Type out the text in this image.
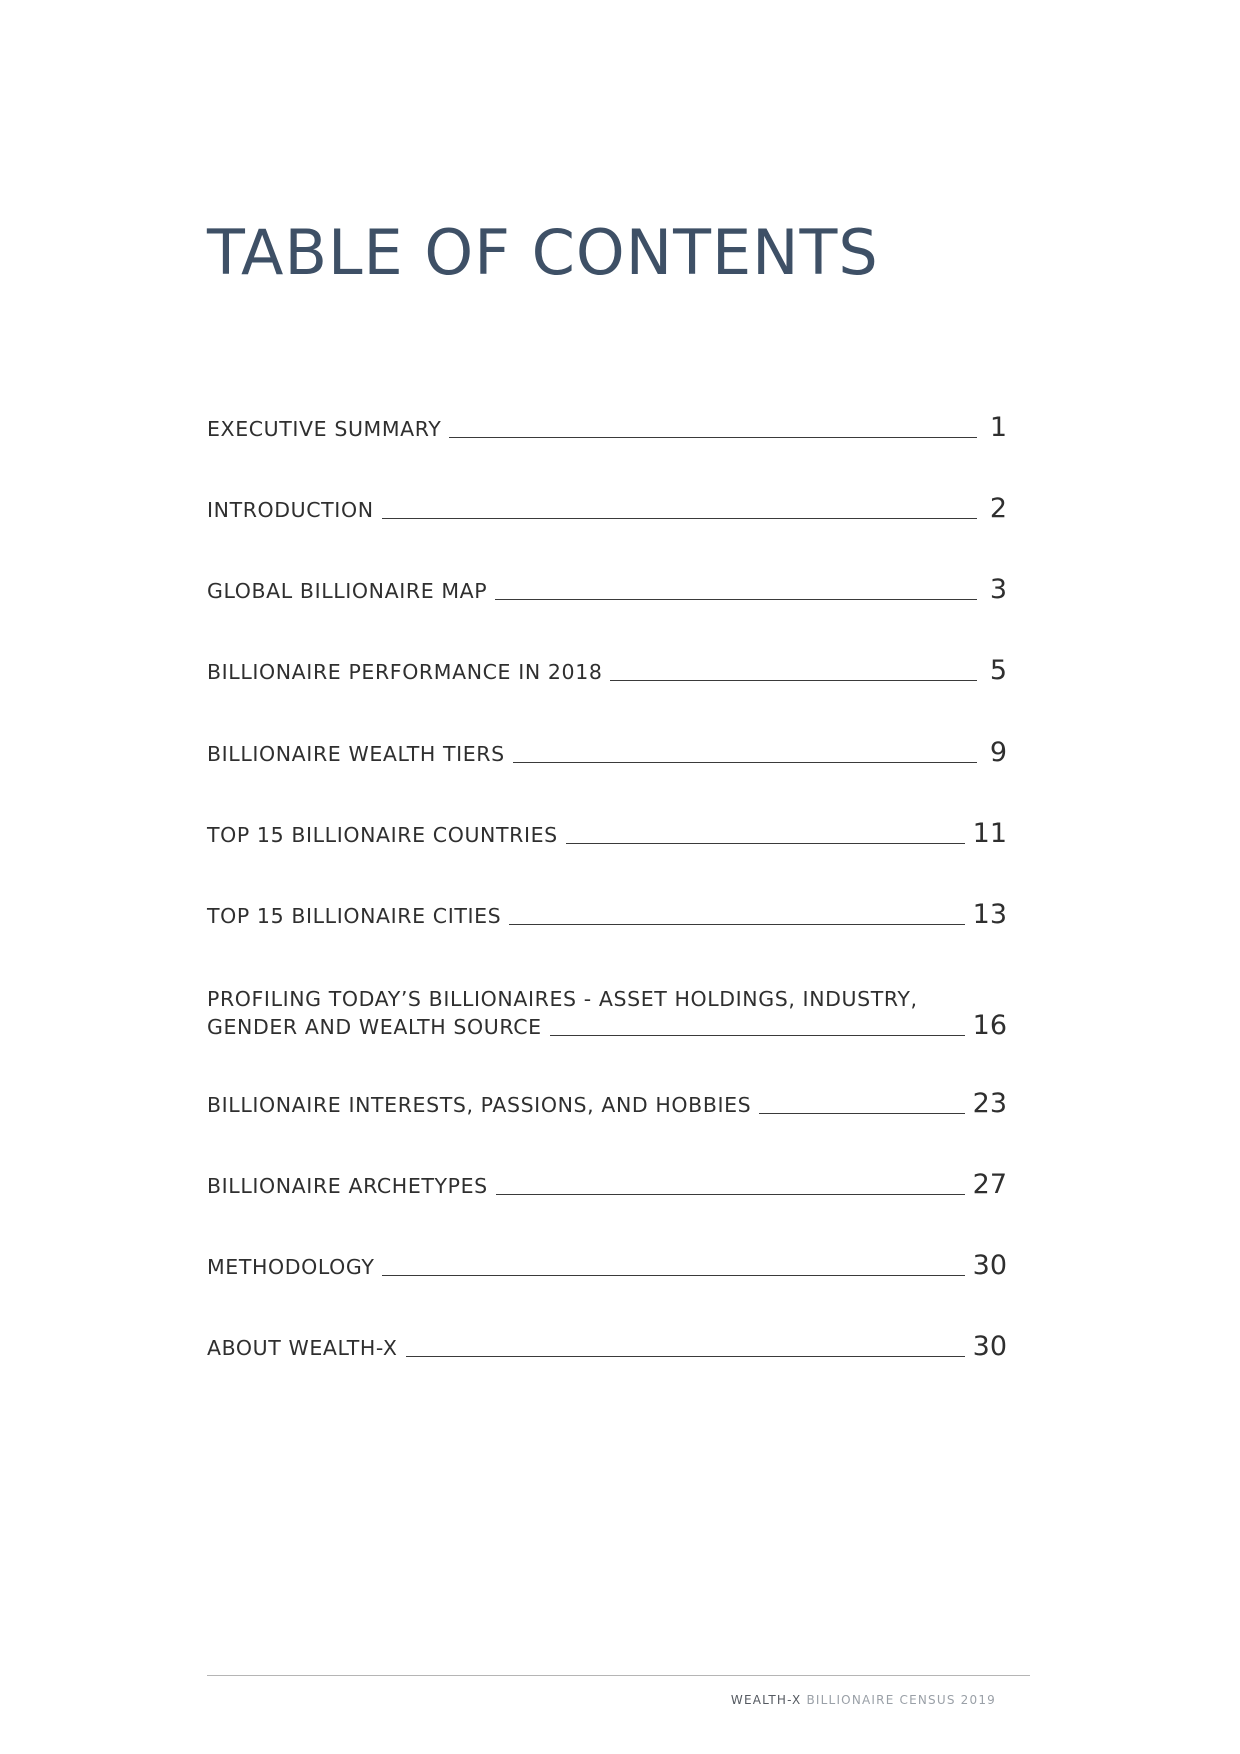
TABLE OF CONTENTS
EXECUTIVE SUMMARY	1
INTRODUCTION	2
GLOBAL BILLIONAIRE MAP	3
BILLIONAIRE PERFORMANCE IN 2018	5
BILLIONAIRE WEALTH TIERS	9
TOP 15 BILLIONAIRE COUNTRIES	11
TOP 15 BILLIONAIRE CITIES	13
PROFILING TODAY’S BILLIONAIRES - ASSET HOLDINGS, INDUSTRY,
GENDER AND WEALTH SOURCE	16
BILLIONAIRE INTERESTS, PASSIONS, AND HOBBIES	23
BILLIONAIRE ARCHETYPES	27
METHODOLOGY	30
ABOUT WEALTH-X	30
WEALTH-X BILLIONAIRE CENSUS 2019
